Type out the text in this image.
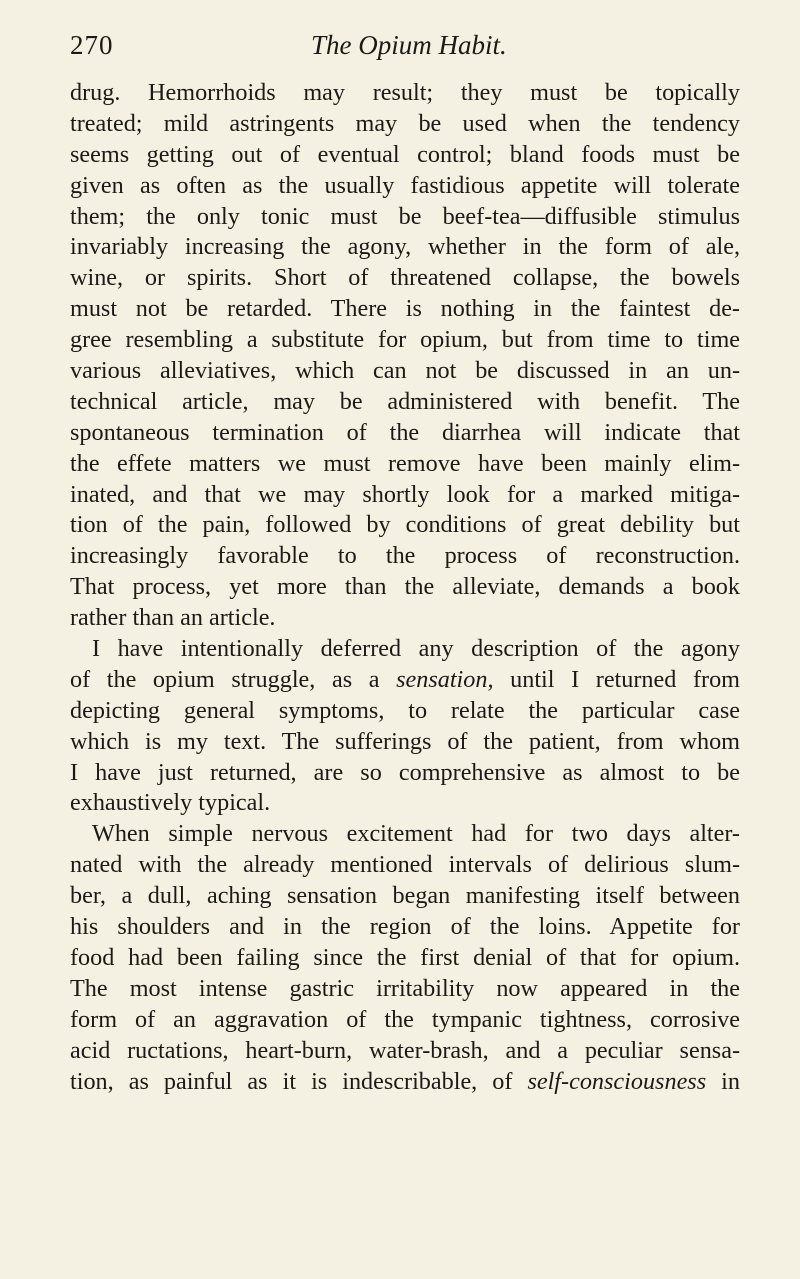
270	The Opium Habit.
drug. Hemorrhoids may result; they must be topically
treated; mild astringents may be used when the tendency
seems getting out of eventual control; bland foods must be
given as often as the usually fastidious appetite will tolerate
them; the only tonic must be beef-tea—diffusible stimulus
invariably increasing the agony, whether in the form of ale,
wine, or spirits. Short of threatened collapse, the bowels
must not be retarded. There is nothing in the faintest de-
gree resembling a substitute for opium, but from time to time
various alleviatives, which can not be discussed in an un-
technical article, may be administered with benefit. The
spontaneous termination of the diarrhea will indicate that
the effete matters we must remove have been mainly elim-
inated, and that we may shortly look for a marked mitiga-
tion of the pain, followed by conditions of great debility but
increasingly favorable to the process of reconstruction.
That process, yet more than the alleviate, demands a book
rather than an article.
I have intentionally deferred any description of the agony
of the opium struggle, as a sensation, until I returned from
depicting general symptoms, to relate the particular case
which is my text. The sufferings of the patient, from whom
I have just returned, are so comprehensive as almost to be
exhaustively typical.
When simple nervous excitement had for two days alter-
nated with the already mentioned intervals of delirious slum-
ber, a dull, aching sensation began manifesting itself between
his shoulders and in the region of the loins. Appetite for
food had been failing since the first denial of that for opium.
The most intense gastric irritability now appeared in the
form of an aggravation of the tympanic tightness, corrosive
acid ructations, heart-burn, water-brash, and a peculiar sensa-
tion, as painful as it is indescribable, of self-consciousness in
